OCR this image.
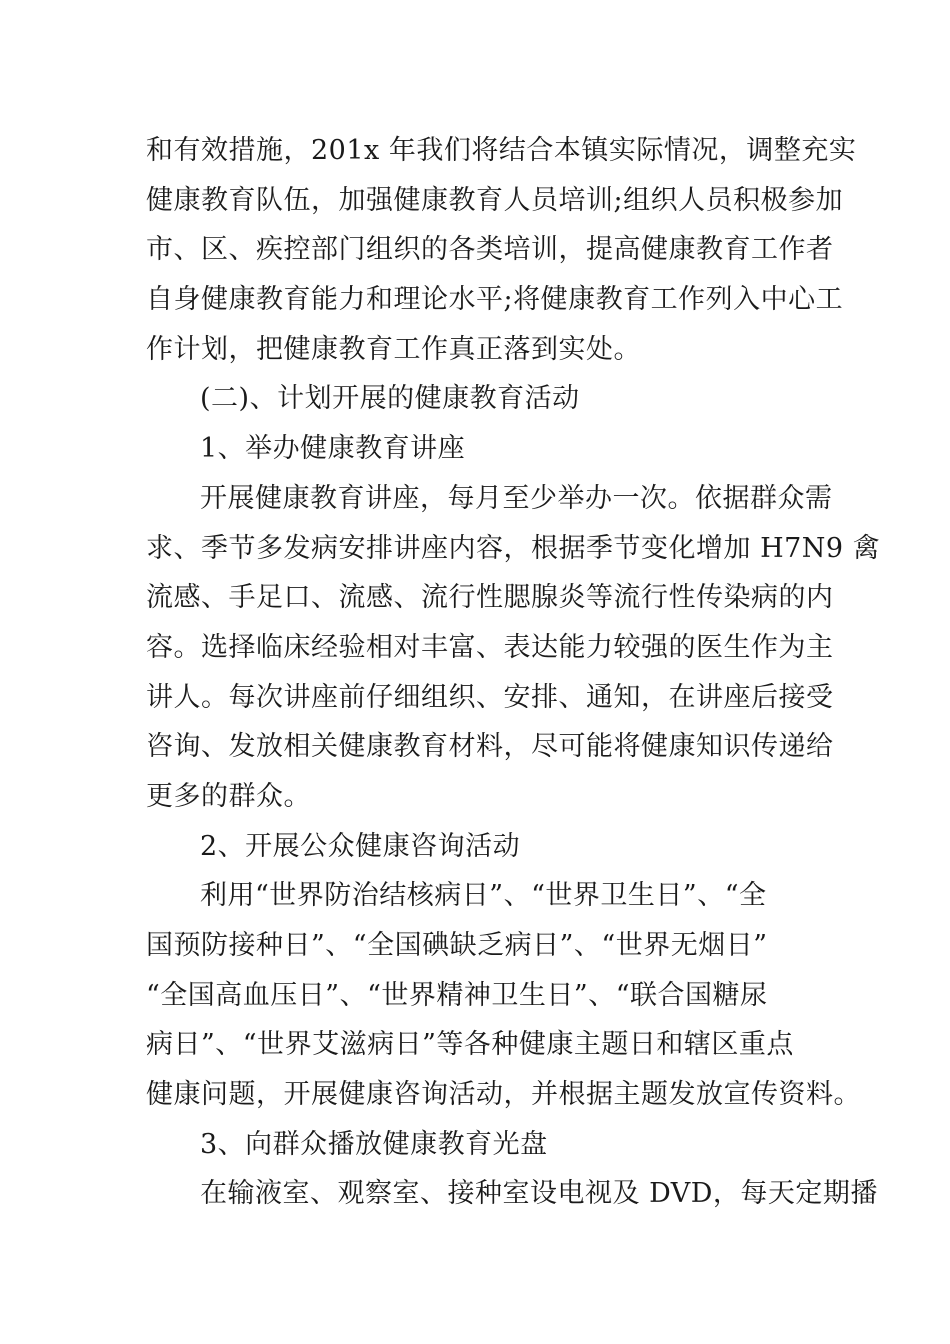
和有效措施，201x 年我们将结合本镇实际情况，调整充实
健康教育队伍，加强健康教育人员培训;组织人员积极参加
市、区、疾控部门组织的各类培训，提高健康教育工作者
自身健康教育能力和理论水平;将健康教育工作列入中心工
作计划，把健康教育工作真正落到实处。
(二)、计划开展的健康教育活动
1、举办健康教育讲座
开展健康教育讲座，每月至少举办一次。依据群众需
求、季节多发病安排讲座内容，根据季节变化增加 H7N9 禽
流感、手足口、流感、流行性腮腺炎等流行性传染病的内
容。选择临床经验相对丰富、表达能力较强的医生作为主
讲人。每次讲座前仔细组织、安排、通知，在讲座后接受
咨询、发放相关健康教育材料，尽可能将健康知识传递给
更多的群众。
2、开展公众健康咨询活动
利用“世界防治结核病日”、“世界卫生日”、“全
国预防接种日”、“全国碘缺乏病日”、“世界无烟日”
“全国高血压日”、“世界精神卫生日”、“联合国糖尿
病日”、“世界艾滋病日”等各种健康主题日和辖区重点
健康问题，开展健康咨询活动，并根据主题发放宣传资料。
3、向群众播放健康教育光盘
在输液室、观察室、接种室设电视及 DVD，每天定期播
